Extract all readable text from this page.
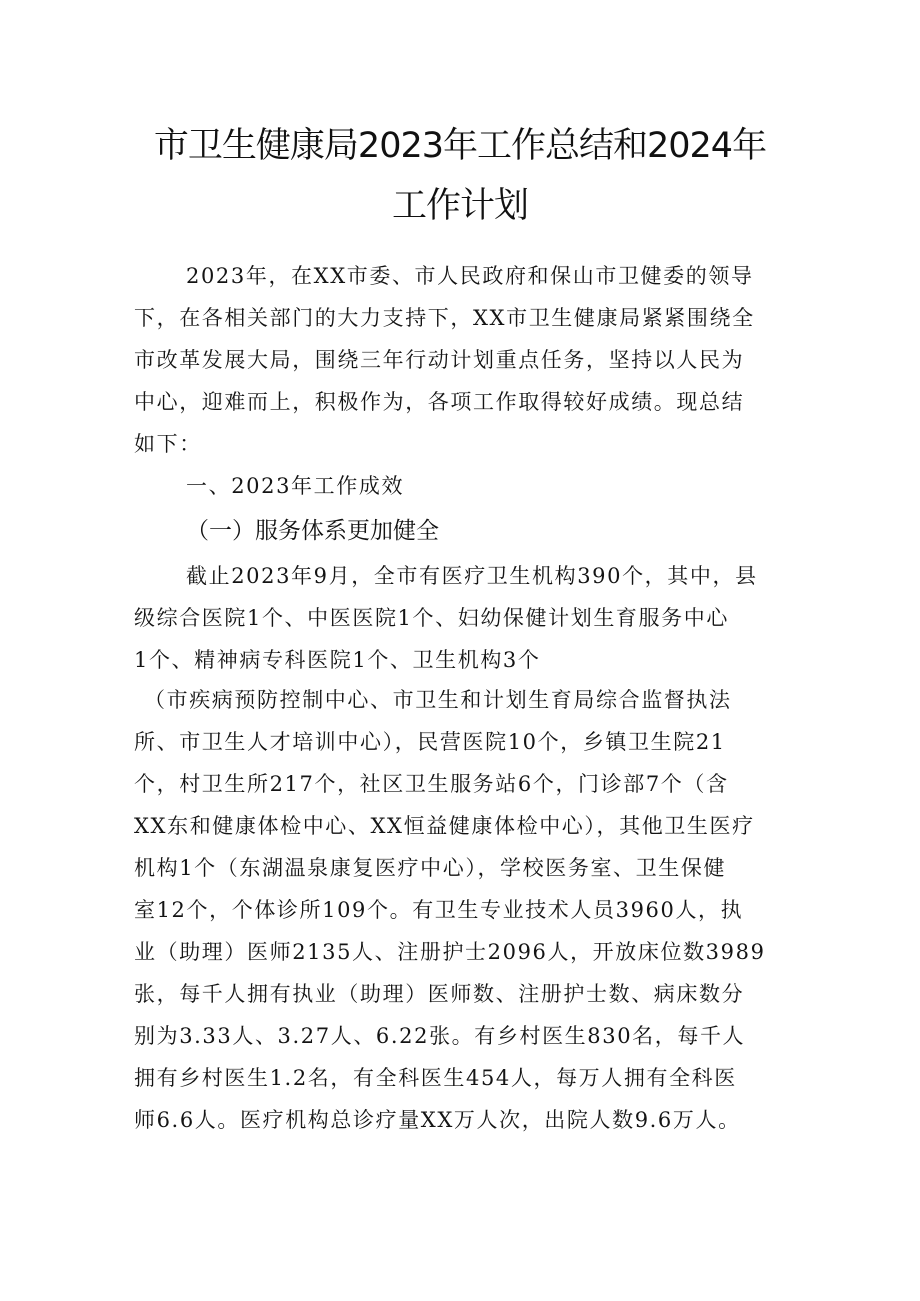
市卫生健康局2023年工作总结和2024年
工作计划
2023年，在XX市委、市人民政府和保山市卫健委的领导
下，在各相关部门的大力支持下，XX市卫生健康局紧紧围绕全
市改革发展大局，围绕三年行动计划重点任务，坚持以人民为
中心，迎难而上，积极作为，各项工作取得较好成绩。现总结
如下：
一、2023年工作成效
（一）服务体系更加健全
截止2023年9月，全市有医疗卫生机构390个，其中，县
级综合医院1个、中医医院1个、妇幼保健计划生育服务中心
1个、精神病专科医院1个、卫生机构3个
（市疾病预防控制中心、市卫生和计划生育局综合监督执法
所、市卫生人才培训中心），民营医院10个，乡镇卫生院21
个，村卫生所217个，社区卫生服务站6个，门诊部7个（含
XX东和健康体检中心、XX恒益健康体检中心），其他卫生医疗
机构1个（东湖温泉康复医疗中心），学校医务室、卫生保健
室12个，个体诊所109个。有卫生专业技术人员3960人，执
业（助理）医师2135人、注册护士2096人，开放床位数3989
张，每千人拥有执业（助理）医师数、注册护士数、病床数分
别为3.33人、3.27人、6.22张。有乡村医生830名，每千人
拥有乡村医生1.2名，有全科医生454人，每万人拥有全科医
师6.6人。医疗机构总诊疗量XX万人次，出院人数9.6万人。
